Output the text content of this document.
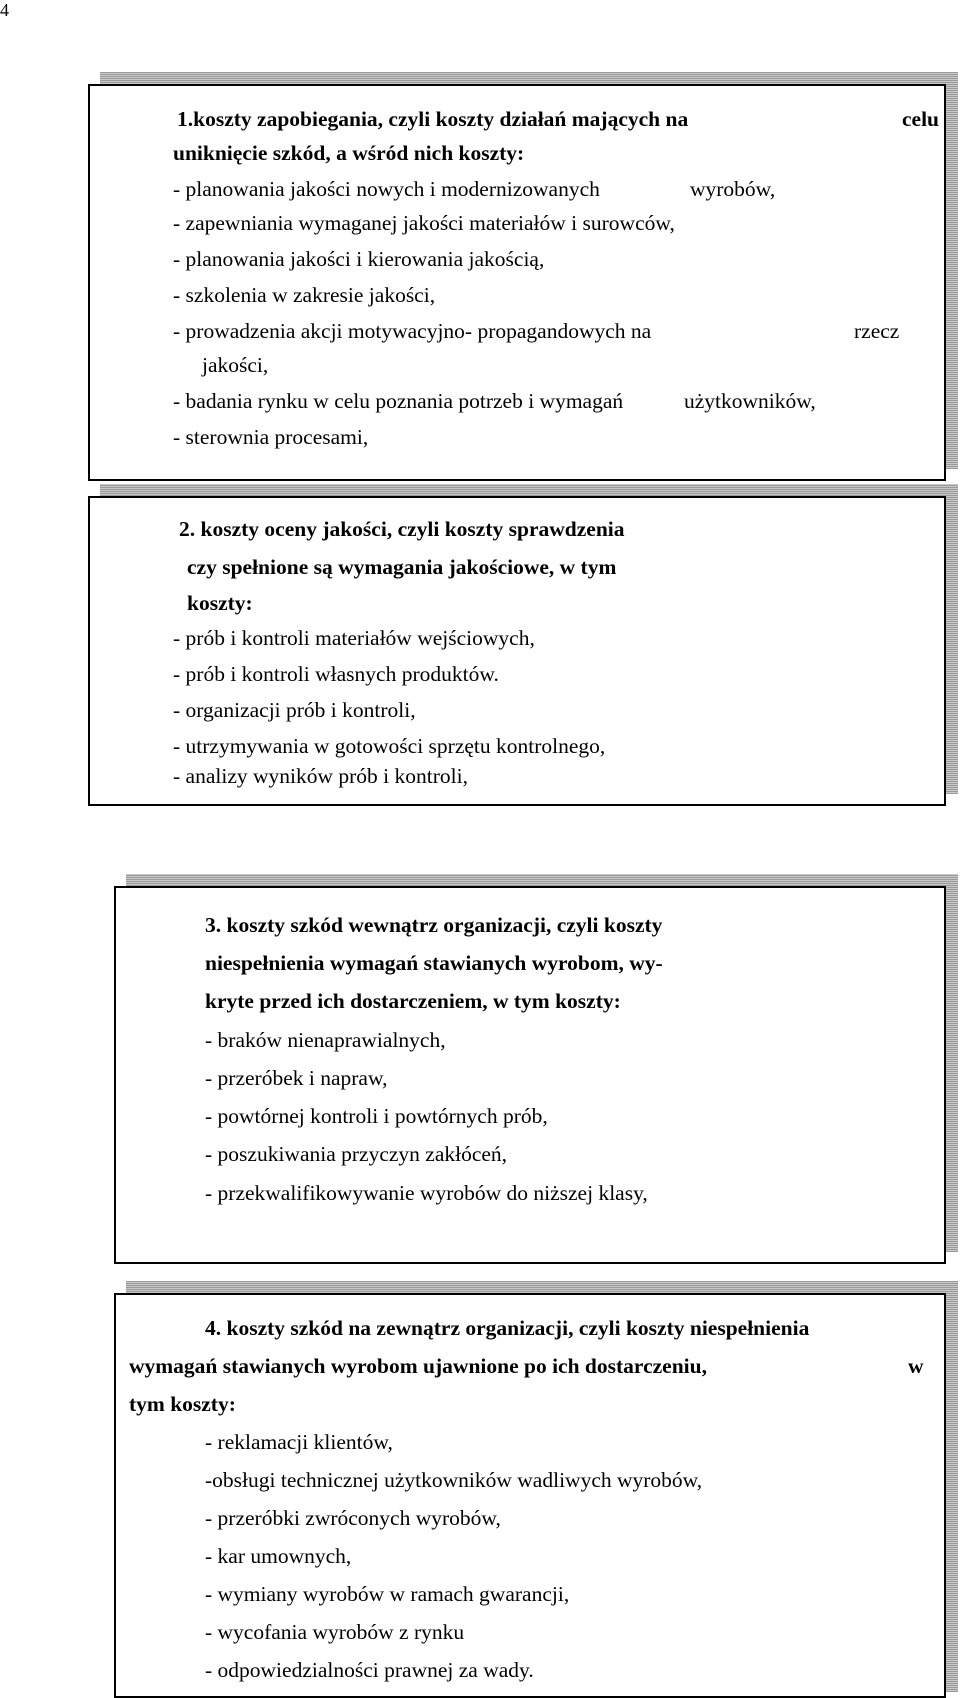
4
1.koszty zapobiegania, czyli koszty działań mających na	celu
uniknięcie szkód, a wśród nich koszty:
- planowania jakości nowych i modernizowanych	wyrobów,
- zapewniania wymaganej jakości materiałów i surowców,
- planowania jakości i kierowania jakością,
- szkolenia w zakresie jakości,
- prowadzenia akcji motywacyjno- propagandowych na	rzecz
jakości,
- badania rynku w celu poznania potrzeb i wymagań	użytkowników,
- sterownia procesami,
2. koszty oceny jakości, czyli koszty sprawdzenia
czy spełnione są wymagania jakościowe, w tym
koszty:
- prób i kontroli materiałów wejściowych,
- prób i kontroli własnych produktów.
- organizacji prób i kontroli,
- utrzymywania w gotowości sprzętu kontrolnego,
- analizy wyników prób i kontroli,
3. koszty szkód wewnątrz organizacji, czyli koszty
niespełnienia wymagań stawianych wyrobom, wy-
kryte przed ich dostarczeniem, w tym koszty:
- braków nienaprawialnych,
- przeróbek i napraw,
- powtórnej kontroli i powtórnych prób,
- poszukiwania przyczyn zakłóceń,
- przekwalifikowywanie wyrobów do niższej klasy,
4. koszty szkód na zewnątrz organizacji, czyli koszty niespełnienia
wymagań stawianych wyrobom ujawnione po ich dostarczeniu,	w
tym koszty:
- reklamacji klientów,
-obsługi technicznej użytkowników wadliwych wyrobów,
- przeróbki zwróconych wyrobów,
- kar umownych,
- wymiany wyrobów w ramach gwarancji,
- wycofania wyrobów z rynku
- odpowiedzialności prawnej za wady.
